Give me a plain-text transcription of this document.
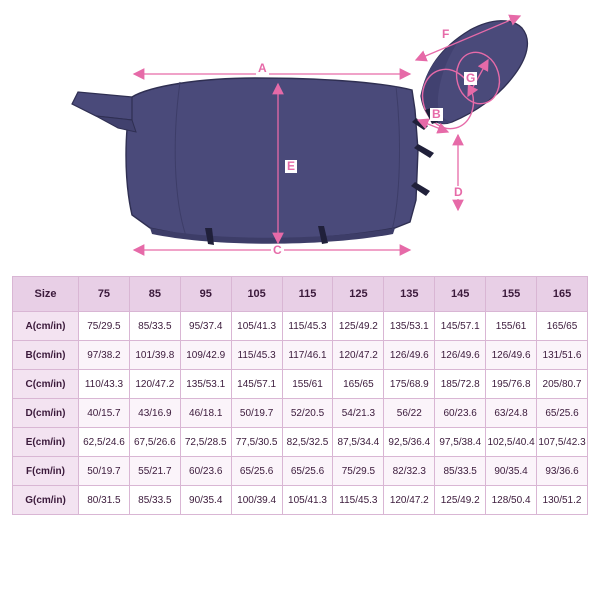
A
B
C
D
E
F
G
Size	75	85	95	105	115	125	135	145	155	165
A(cm/in)	75/29.5	85/33.5	95/37.4	105/41.3	115/45.3	125/49.2	135/53.1	145/57.1	155/61	165/65
B(cm/in)	97/38.2	101/39.8	109/42.9	115/45.3	117/46.1	120/47.2	126/49.6	126/49.6	126/49.6	131/51.6
C(cm/in)	110/43.3	120/47.2	135/53.1	145/57.1	155/61	165/65	175/68.9	185/72.8	195/76.8	205/80.7
D(cm/in)	40/15.7	43/16.9	46/18.1	50/19.7	52/20.5	54/21.3	56/22	60/23.6	63/24.8	65/25.6
E(cm/in)	62,5/24.6	67,5/26.6	72,5/28.5	77,5/30.5	82,5/32.5	87,5/34.4	92,5/36.4	97,5/38.4	102,5/40.4	107,5/42.3
F(cm/in)	50/19.7	55/21.7	60/23.6	65/25.6	65/25.6	75/29.5	82/32.3	85/33.5	90/35.4	93/36.6
G(cm/in)	80/31.5	85/33.5	90/35.4	100/39.4	105/41.3	115/45.3	120/47.2	125/49.2	128/50.4	130/51.2
